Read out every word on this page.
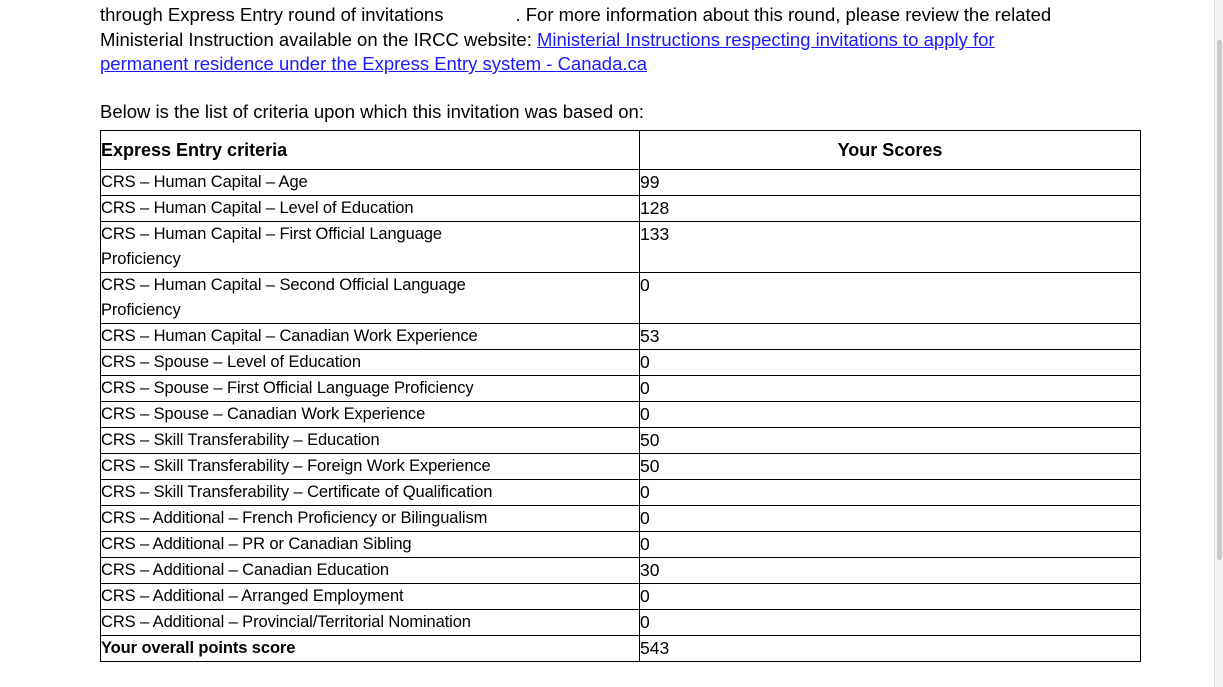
through Express Entry round of invitations	. For more information about this round, please review the related
Ministerial Instruction available on the IRCC website: Ministerial Instructions respecting invitations to apply for
permanent residence under the Express Entry system - Canada.ca
Below is the list of criteria upon which this invitation was based on:
Express Entry criteria	Your Scores
CRS – Human Capital – Age	99
CRS – Human Capital – Level of Education	128
CRS – Human Capital – First Official Language Proficiency	133
CRS – Human Capital – Second Official Language Proficiency	0
CRS – Human Capital – Canadian Work Experience	53
CRS – Spouse – Level of Education	0
CRS – Spouse – First Official Language Proficiency	0
CRS – Spouse – Canadian Work Experience	0
CRS – Skill Transferability – Education	50
CRS – Skill Transferability – Foreign Work Experience	50
CRS – Skill Transferability – Certificate of Qualification	0
CRS – Additional – French Proficiency or Bilingualism	0
CRS – Additional – PR or Canadian Sibling	0
CRS – Additional – Canadian Education	30
CRS – Additional – Arranged Employment	0
CRS – Additional – Provincial/Territorial Nomination	0
Your overall points score	543
